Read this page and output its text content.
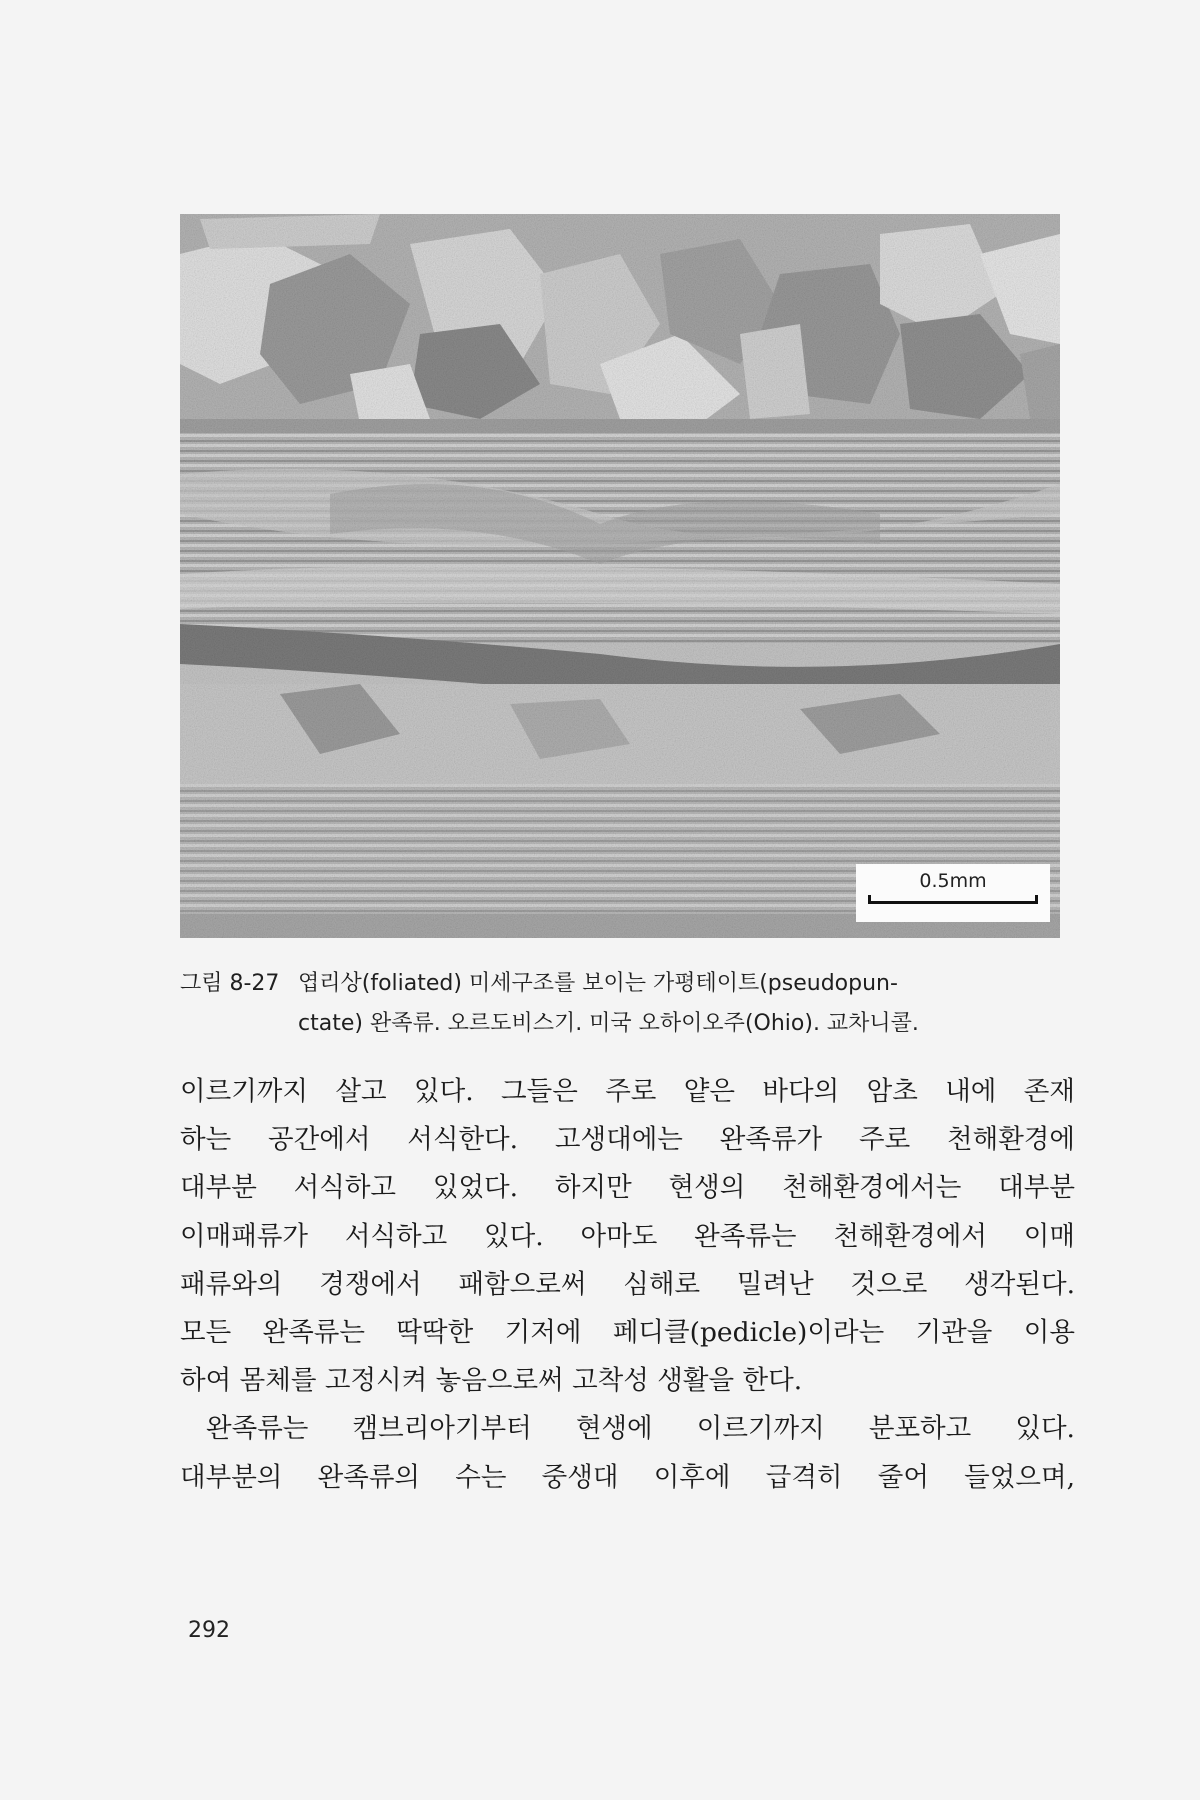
0.5mm
그림 8-27 엽리상(foliated) 미세구조를 보이는 가평테이트(pseudopun-
ctate) 완족류. 오르도비스기. 미국 오하이오주(Ohio). 교차니콜.
이르기까지 살고 있다. 그들은 주로 얕은 바다의 암초 내에 존재
하는 공간에서 서식한다. 고생대에는 완족류가 주로 천해환경에
대부분 서식하고 있었다. 하지만 현생의 천해환경에서는 대부분
이매패류가 서식하고 있다. 아마도 완족류는 천해환경에서 이매
패류와의 경쟁에서 패함으로써 심해로 밀려난 것으로 생각된다.
모든 완족류는 딱딱한 기저에 페디클(pedicle)이라는 기관을 이용
하여 몸체를 고정시켜 놓음으로써 고착성 생활을 한다.
완족류는 캠브리아기부터 현생에 이르기까지 분포하고 있다.
대부분의 완족류의 수는 중생대 이후에 급격히 줄어 들었으며,
292
